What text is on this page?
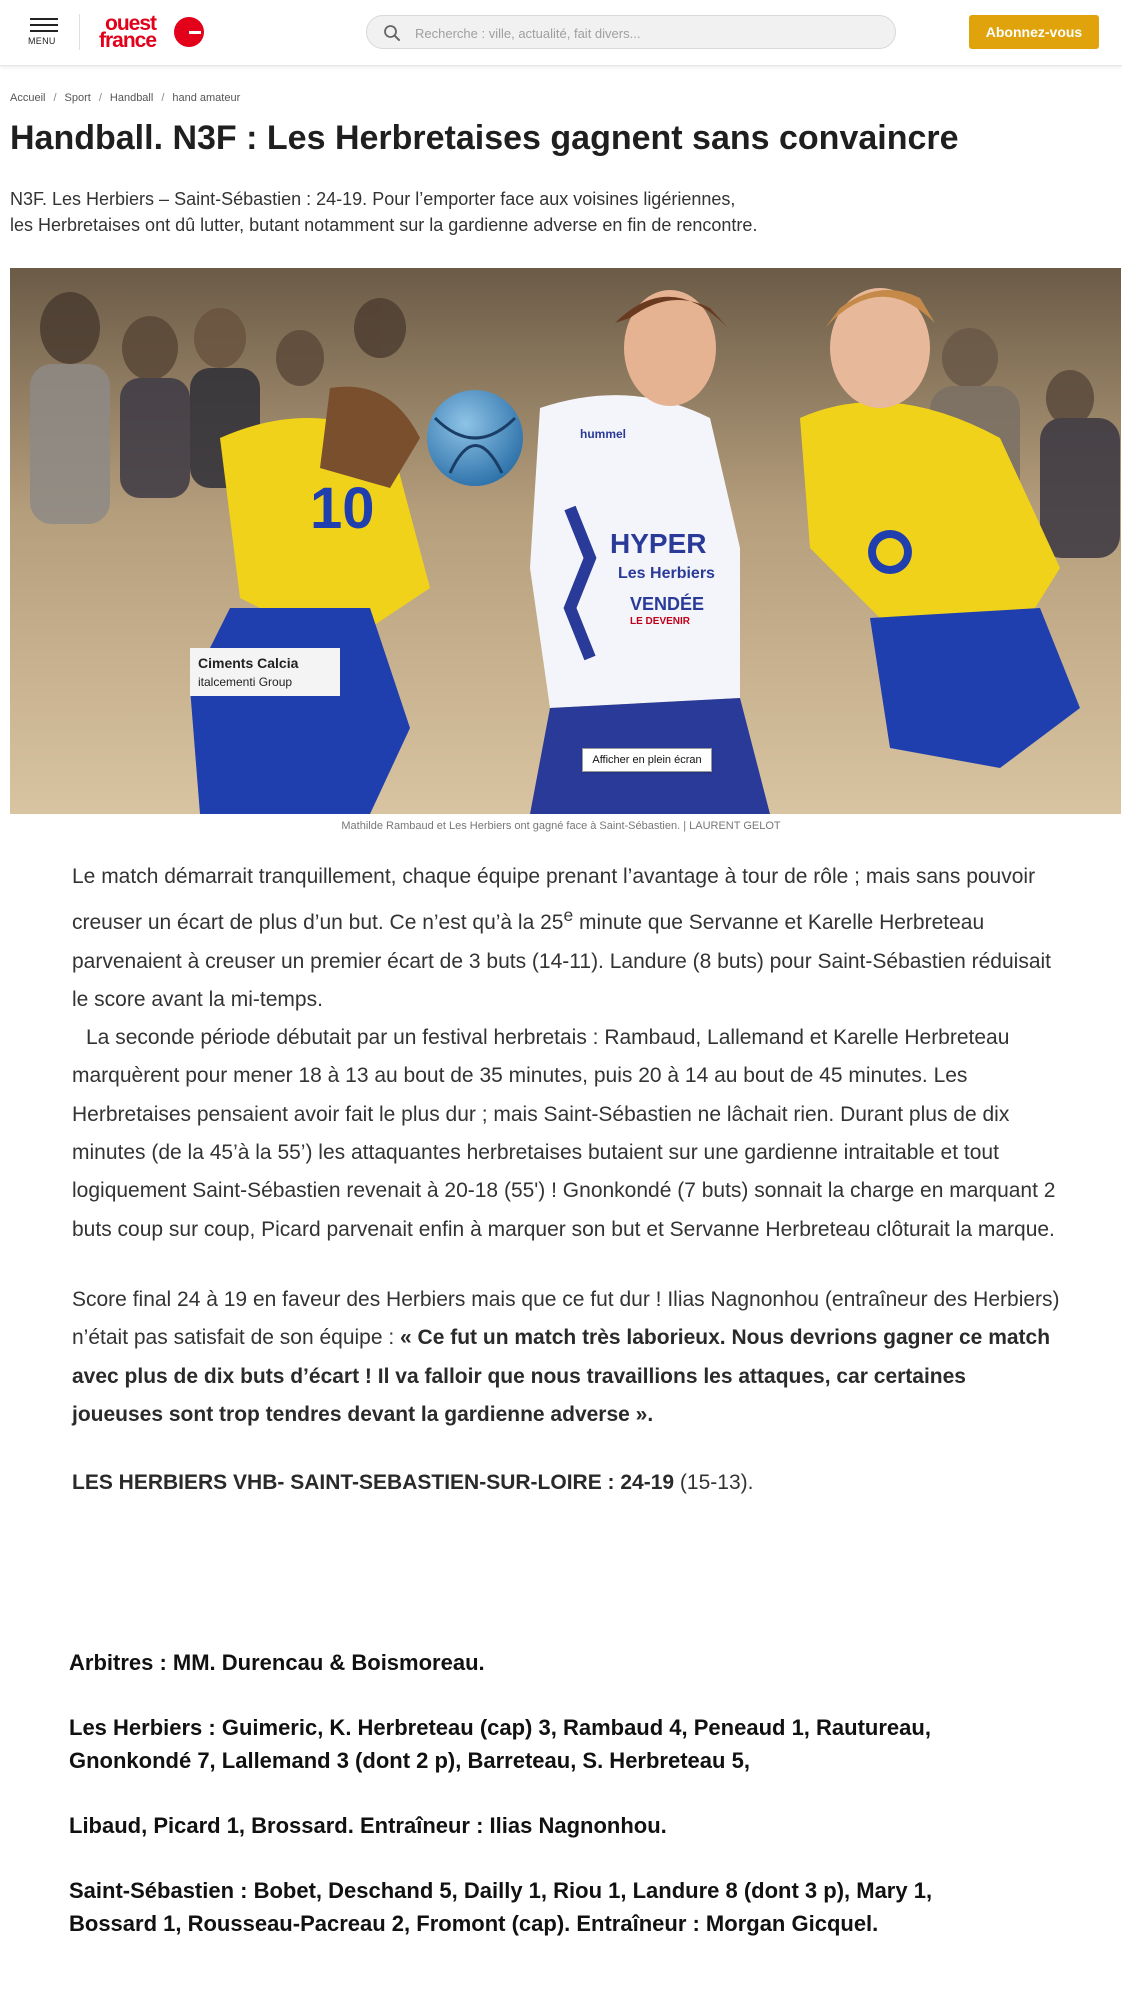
MENU
ouest
france
Recherche : ville, actualité, fait divers...	Abonnez-vous
Accueil / Sport / Handball / hand amateur
Handball. N3F : Les Herbretaises gagnent sans convaincre
N3F. Les Herbiers – Saint-Sébastien : 24-19. Pour l’emporter face aux voisines ligériennes,
les Herbretaises ont dû lutter, butant notamment sur la gardienne adverse en fin de rencontre.
10
Ciments Calcia
italcementi Group
HYPER
Les Herbiers
VENDÉE
LE DEVENIR
hummel
Afficher en plein écran
Mathilde Rambaud et Les Herbiers ont gagné face à Saint-Sébastien. | LAURENT GELOT

Le match démarrait tranquillement, chaque équipe prenant l’avantage à tour de rôle ; mais sans pouvoir creuser un écart de plus d’un but. Ce n’est qu’à la 25e minute que Servanne et Karelle Herbreteau parvenaient à creuser un premier écart de 3 buts (14-11). Landure (8 buts) pour Saint-Sébastien réduisait le score avant la mi-temps.
La seconde période débutait par un festival herbretais : Rambaud, Lallemand et Karelle Herbreteau marquèrent pour mener 18 à 13 au bout de 35 minutes, puis 20 à 14 au bout de 45 minutes. Les Herbretaises pensaient avoir fait le plus dur ; mais Saint-Sébastien ne lâchait rien. Durant plus de dix minutes (de la 45’à la 55’) les attaquantes herbretaises butaient sur une gardienne intraitable et tout logiquement Saint-Sébastien revenait à 20-18 (55') ! Gnonkondé (7 buts) sonnait la charge en marquant 2 buts coup sur coup, Picard parvenait enfin à marquer son but et Servanne Herbreteau clôturait la marque.

Score final 24 à 19 en faveur des Herbiers mais que ce fut dur ! Ilias Nagnonhou (entraîneur des Herbiers) n’était pas satisfait de son équipe : « Ce fut un match très laborieux. Nous devrions gagner ce match avec plus de dix buts d’écart ! Il va falloir que nous travaillions les attaques, car certaines joueuses sont trop tendres devant la gardienne adverse ».

LES HERBIERS VHB- SAINT-SEBASTIEN-SUR-LOIRE : 24-19 (15-13).

Arbitres : MM. Durencau & Boismoreau.
Les Herbiers : Guimeric, K. Herbreteau (cap) 3, Rambaud 4, Peneaud 1, Rautureau,
Gnonkondé 7, Lallemand 3 (dont 2 p), Barreteau, S. Herbreteau 5,
Libaud, Picard 1, Brossard. Entraîneur : Ilias Nagnonhou.
Saint-Sébastien : Bobet, Deschand 5, Dailly 1, Riou 1, Landure 8 (dont 3 p), Mary 1,
Bossard 1, Rousseau-Pacreau 2, Fromont (cap). Entraîneur : Morgan Gicquel.
